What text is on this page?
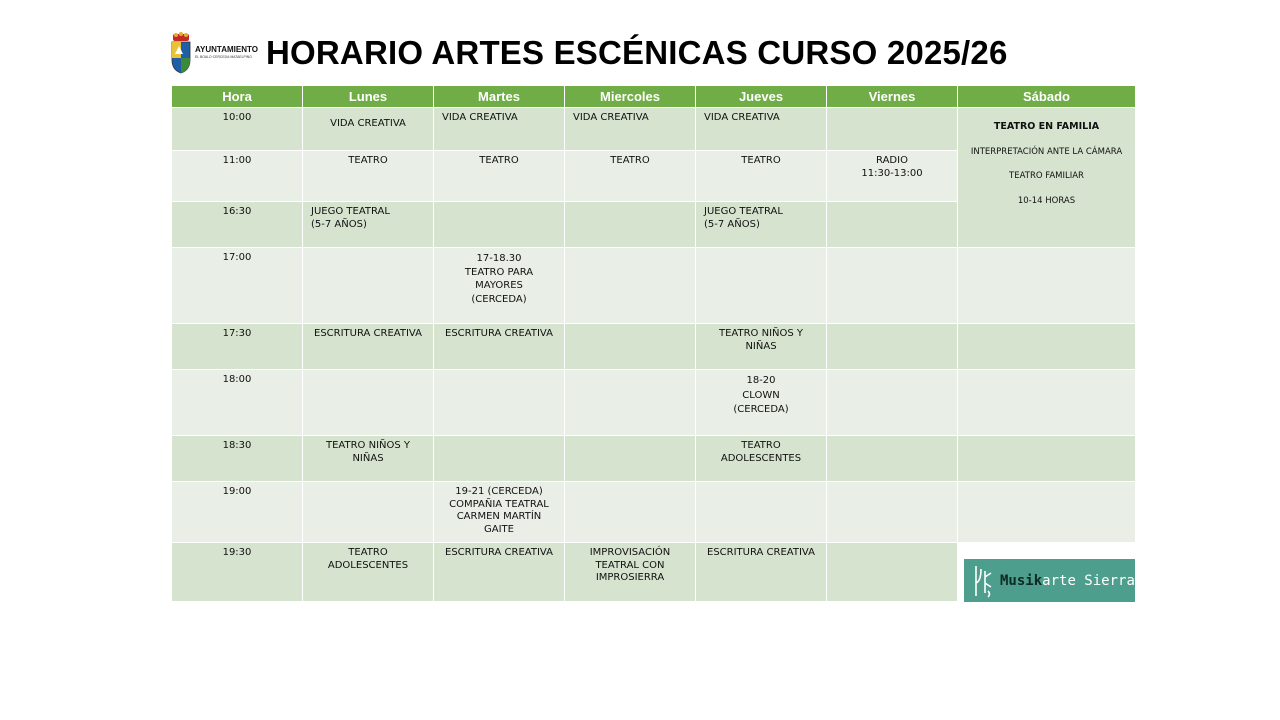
AYUNTAMIENTO
EL BOALO·CERCEDA·MATAELPINO HORARIO ARTES ESCÉNICAS CURSO 2025/26
Hora	Lunes	Martes	Miercoles	Jueves	Viernes	Sábado

10:00	VIDA CREATIVA	VIDA CREATIVA	VIDA CREATIVA	VIDA CREATIVA		TEATRO EN FAMILIA
INTERPRETACIÓN ANTE LA CÁMARA
TEATRO FAMILIAR
10-14 HORAS

11:00	TEATRO	TEATRO	TEATRO	TEATRO	RADIO
11:30-13:00	

16:30	JUEGO TEATRAL
(5-7 AÑOS)			JUEGO TEATRAL
(5-7 AÑOS)		

17:00		17-18.30
TEATRO PARA
MAYORES
(CERCEDA)				

17:30	ESCRITURA CREATIVA	ESCRITURA CREATIVA		TEATRO NIÑOS Y
NIÑAS		

18:00				18-20
CLOWN
(CERCEDA)		

18:30	TEATRO NIÑOS Y
NIÑAS			TEATRO
ADOLESCENTES		

19:00		19-21 (CERCEDA)
COMPAÑIA TEATRAL
CARMEN MARTÍN
GAITE				

19:30	TEATRO
ADOLESCENTES	ESCRITURA CREATIVA	IMPROVISACIÓN
TEATRAL CON
IMPROSIERRA	ESCRITURA CREATIVA		

Musikarte Sierra
